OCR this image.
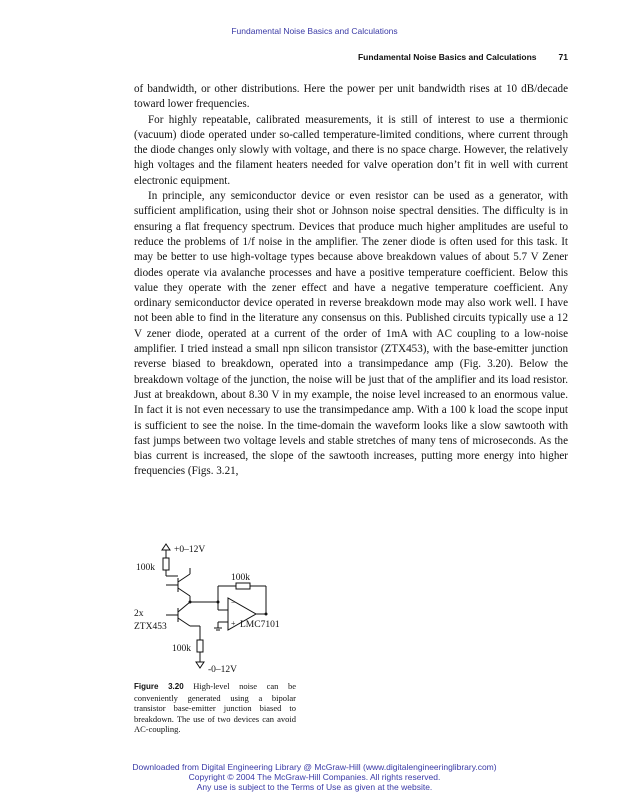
Fundamental Noise Basics and Calculations
Fundamental Noise Basics and Calculations	71

of bandwidth, or other distributions. Here the power per unit bandwidth rises at 10 dB/decade toward lower frequencies.

For highly repeatable, calibrated measurements, it is still of interest to use a thermionic (vacuum) diode operated under so-called temperature-limited conditions, where current through the diode changes only slowly with voltage, and there is no space charge. However, the relatively high voltages and the filament heaters needed for valve operation don’t fit in well with current electronic equipment.

In principle, any semiconductor device or even resistor can be used as a generator, with sufficient amplification, using their shot or Johnson noise spectral densities. The difficulty is in ensuring a flat frequency spectrum. Devices that produce much higher amplitudes are useful to reduce the problems of 1/f noise in the amplifier. The zener diode is often used for this task. It may be better to use high-voltage types because above breakdown values of about 5.7 V Zener diodes operate via avalanche processes and have a positive temperature coefficient. Below this value they operate with the zener effect and have a negative temperature coefficient. Any ordinary semiconductor device operated in reverse breakdown mode may also work well. I have not been able to find in the literature any consensus on this. Published circuits typically use a 12 V zener diode, operated at a current of the order of 1mA with AC coupling to a low-noise amplifier. I tried instead a small npn silicon transistor (ZTX453), with the base-emitter junction reverse biased to breakdown, operated into a transimpedance amp (Fig. 3.20). Below the breakdown voltage of the junction, the noise will be just that of the amplifier and its load resistor. Just at breakdown, about 8.30 V in my example, the noise level increased to an enormous value. In fact it is not even necessary to use the transimpedance amp. With a 100 k load the scope input is sufficient to see the noise. In the time-domain the waveform looks like a slow sawtooth with fast jumps between two voltage levels and stable stretches of many tens of microseconds. As the bias current is increased, the slope of the sawtooth increases, putting more energy into higher frequencies (Figs. 3.21,

+0–12V
100k
100k
−
+
2x
ZTX453	LMC7101
100k
-0–12V
Figure 3.20 High-level noise can be conveniently generated using a bipolar transistor base-emitter junction biased to breakdown. The use of two devices can avoid AC-coupling.
Downloaded from Digital Engineering Library @ McGraw-Hill (www.digitalengineeringlibrary.com)
Copyright © 2004 The McGraw-Hill Companies. All rights reserved.
Any use is subject to the Terms of Use as given at the website.
